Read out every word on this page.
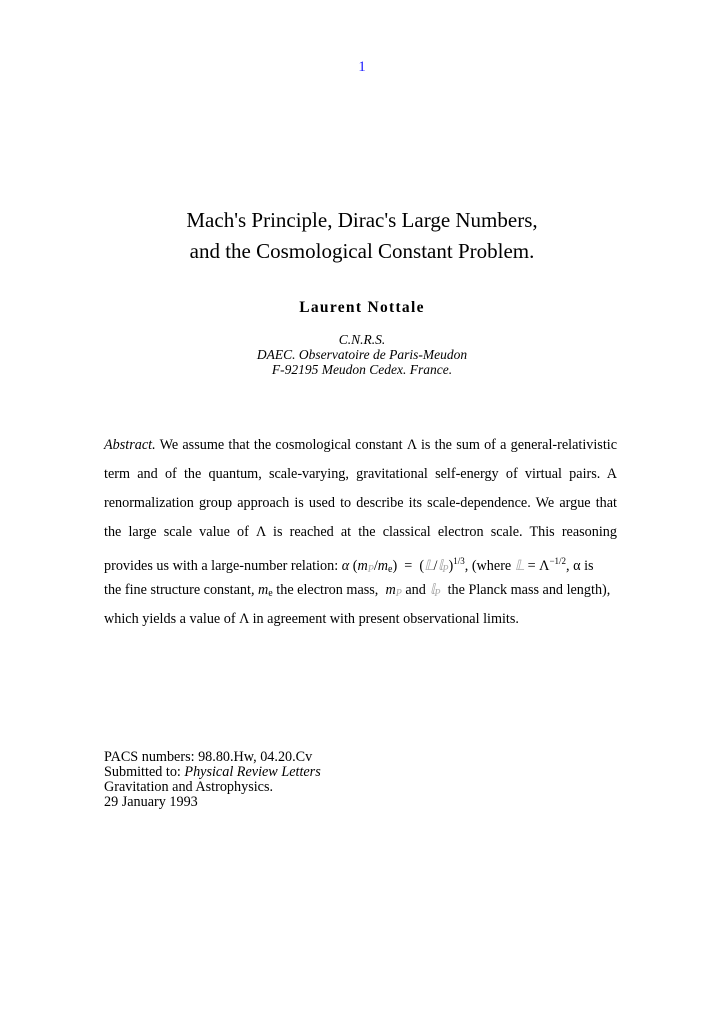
1
Mach's Principle, Dirac's Large Numbers,
and the Cosmological Constant Problem.
Laurent Nottale
C.N.R.S.
DAEC. Observatoire de Paris-Meudon
F-92195 Meudon Cedex. France.
Abstract. We assume that the cosmological constant Λ is the sum of a general-relativistic
term and of the quantum, scale-varying, gravitational self-energy of virtual pairs. A
renormalization group approach is used to describe its scale-dependence. We argue that
the large scale value of Λ is reached at the classical electron scale. This reasoning
provides us with a large-number relation: α $(m_P/m_e)$ = (𝕃/𝕝$_P$)$^{1/3}$, (where 𝕃 = $\Lambda^{-1/2}$, α is
the fine structure constant, $m_e$ the electron mass, $m_P$ and 𝕝$_P$ the Planck mass and length),
which yields a value of Λ in agreement with present observational limits.
PACS numbers: 98.80.Hw, 04.20.Cv
Submitted to: Physical Review Letters
Gravitation and Astrophysics.
29 January 1993
